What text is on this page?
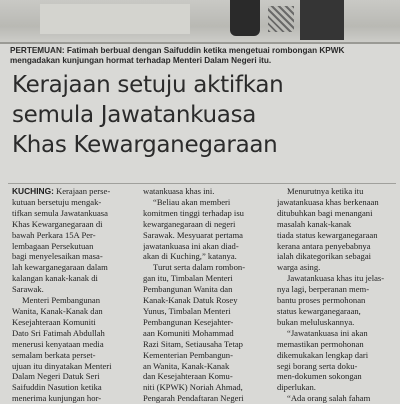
PERTEMUAN: Fatimah berbual dengan Saifuddin ketika mengetuai rombongan KPWK mengadakan kunjungan hormat terhadap Menteri Dalam Negeri itu.
Kerajaan setuju aktifkan
semula Jawatankuasa
Khas Kewarganegaraan
KUCHING: Kerajaan perse-
kutuan bersetuju mengak-
tifkan semula Jawatankuasa
Khas Kewarganegaraan di
bawah Perkara 15A Per-
lembagaan Persekutuan
bagi menyelesaikan masa-
lah kewarganegaraan dalam
kalangan kanak-kanak di
Sarawak.
Menteri Pembangunan
Wanita, Kanak-Kanak dan
Kesejahteraan Komuniti
Dato Sri Fatimah Abdullah
menerusi kenyataan media
semalam berkata perset-
ujuan itu dinyatakan Menteri
Dalam Negeri Datuk Seri
Saifuddin Nasution ketika
menerima kunjungan hor-
watankuasa khas ini.
“Beliau akan memberi
komitmen tinggi terhadap isu
kewarganegaraan di negeri
Sarawak. Mesyuarat pertama
jawatankuasa ini akan diad-
akan di Kuching,” katanya.
Turut serta dalam rombon-
gan itu, Timbalan Menteri
Pembangunan Wanita dan
Kanak-Kanak Datuk Rosey
Yunus, Timbalan Menteri
Pembangunan Kesejahter-
aan Komuniti Mohammad
Razi Sitam, Setiausaha Tetap
Kementerian Pembangun-
an Wanita, Kanak-Kanak
dan Kesejahteraan Komu-
niti (KPWK) Noriah Ahmad,
Pengarah Pendaftaran Negeri
Menurutnya ketika itu
jawatankuasa khas berkenaan
ditubuhkan bagi menangani
masalah kanak-kanak
tiada status kewarganegaraan
kerana antara penyebabnya
ialah dikategorikan sebagai
warga asing.
Jawatankuasa khas itu jelas-
nya lagi, berperanan mem-
bantu proses permohonan
status kewarganegaraan,
bukan meluluskannya.
“Jawatankuasa ini akan
memastikan permohonan
dikemukakan lengkap dari
segi borang serta doku-
men-dokumen sokongan
diperlukan.
“Ada orang salah faham
